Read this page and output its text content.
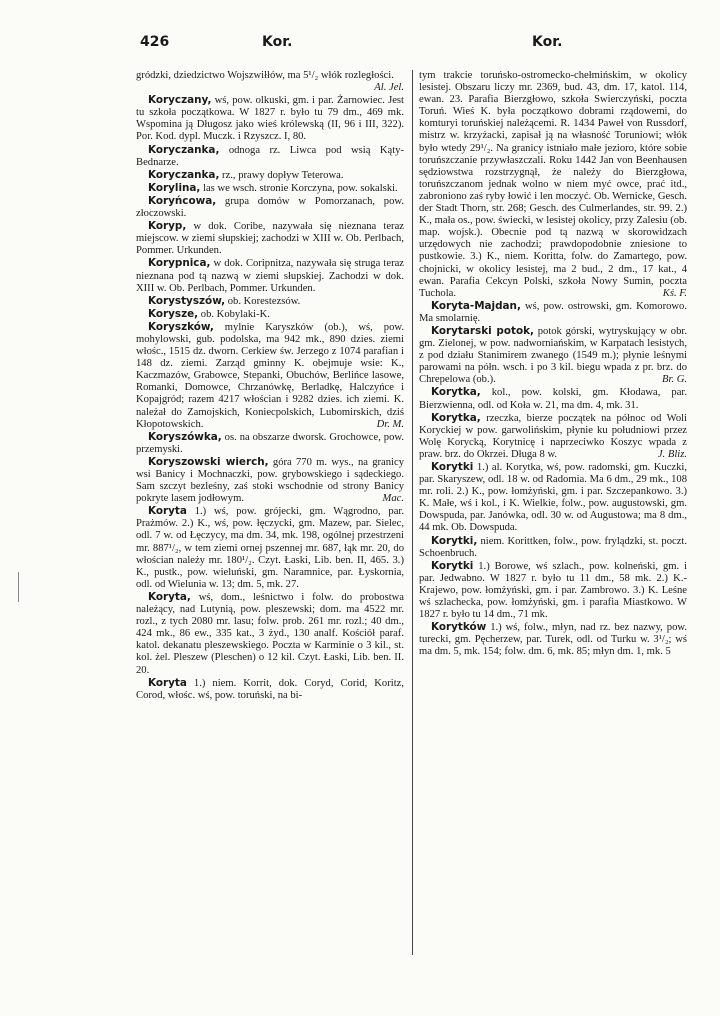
426	Kor.	Kor.

gródzki, dziedzictwo Wojszwiłłów, ma 5¹/₂ włók rozległości.
Al. Jel.

Koryczany, wś, pow. olkuski, gm. i par. Żarnowiec. Jest tu szkoła początkowa. W 1827 r. było tu 79 dm., 469 mk. Wspomina ją Długosz jako wieś królewską (II, 96 i III, 322). Por. Kod. dypl. Muczk. i Rzyszcz. I, 80.

Koryczanka, odnoga rz. Liwca pod wsią Kąty-Bednarze.

Koryczanka, rz., prawy dopływ Teterowa.

Korylina, las we wsch. stronie Korczyna, pow. sokalski.

Koryńcowa, grupa domów w Pomorzanach, pow. złoczowski.

Koryp, w dok. Coribe, nazywała się nieznana teraz miejscow. w ziemi słupskiej; zachodzi w XIII w. Ob. Perlbach, Pommer. Urkunden.

Korypnica, w dok. Coripnitza, nazywała się struga teraz nieznana pod tą nazwą w ziemi słupskiej. Zachodzi w dok. XIII w. Ob. Perlbach, Pommer. Urkunden.

Korystyszów, ob. Korestezsów.

Korysze, ob. Kobylaki-K.

Koryszków, mylnie Karyszków (ob.), wś, pow. mohylowski, gub. podolska, ma 942 mk., 890 dzies. ziemi włośc., 1515 dz. dworn. Cerkiew św. Jerzego z 1074 parafian i 148 dz. ziemi. Zarząd gminny K. obejmuje wsie: K., Kaczmazów, Grabowce, Stepanki, Obuchów, Berlińce lasowe, Romanki, Domowce, Chrzanówkę, Berladkę, Halczyńce i Kopajgród; razem 4217 włościan i 9282 dzies. ich ziemi. K. należał do Zamojskich, Koniecpolskich, Lubomirskich, dziś Kłopotowskich.	Dr. M.

Koryszówka, os. na obszarze dworsk. Grochowce, pow. przemyski.

Koryszowski wierch, góra 770 m. wys., na granicy wsi Banicy i Mochnaczki, pow. grybowskiego i sądeckiego. Sam szczyt bezleśny, zaś stoki wschodnie od strony Banicy pokryte lasem jodłowym.	Mac.

Koryta 1.) wś, pow. grójecki, gm. Wągrodno, par. Prażmów. 2.) K., wś, pow. łęczycki, gm. Mazew, par. Sielec, odl. 7 w. od Łęczycy, ma dm. 34, mk. 198, ogólnej przestrzeni mr. 887¹/₂, w tem ziemi ornej pszennej mr. 687, łąk mr. 20, do włościan należy mr. 180¹/₂. Czyt. Łaski, Lib. ben. II, 465. 3.) K., pustk., pow. wieluński, gm. Naramnice, par. Łyskornia, odl. od Wielunia w. 13; dm. 5, mk. 27.

Koryta, wś, dom., leśnictwo i folw. do probostwa należący, nad Lutynią, pow. pleszewski; dom. ma 4522 mr. rozl., z tych 2080 mr. lasu; folw. prob. 261 mr. rozl.; 40 dm., 424 mk., 86 ew., 335 kat., 3 żyd., 130 analf. Kościół paraf. katol. dekanatu pleszewskiego. Poczta w Karminie o 3 kil., st. kol. żel. Pleszew (Pleschen) o 12 kil. Czyt. Łaski, Lib. ben. II. 20.

Koryta 1.) niem. Korrit, dok. Coryd, Corid, Koritz, Corod, włośc. wś, pow. toruński, na bi-

tym trakcie toruńsko-ostromecko-chełmińskim, w okolicy lesistej. Obszaru liczy mr. 2369, bud. 43, dm. 17, katol. 114, ewan. 23. Parafia Bierzgłowo, szkoła Swierczyński, poczta Toruń. Wieś K. była początkowo dobrami rządowemi, do komturyi toruńskiej należącemi. R. 1434 Paweł von Russdorf, mistrz w. krzyżacki, zapisał ją na własność Toruniowi; włók było wtedy 29¹/₂. Na granicy istniało małe jeziorо, które sobie toruńszczanie przywłaszczali. Roku 1442 Jan von Beenhausen sędziowstwa rozstrzygnął, że należy do Bierzgłowa, toruńszczanom jednak wolno w niem myć owce, prać itd., zabroniono zaś ryby łowić i len moczyć. Ob. Wernicke, Gesch. der Stadt Thorn, str. 268; Gesch. des Culmerlandes, str. 99. 2.) K., mała os., pow. świecki, w lesistej okolicy, przy Zalesiu (ob. map. wojsk.). Obecnie pod tą nazwą w skorowidzach urzędowych nie zachodzi; prawdopodobnie zniesione to pustkowie. 3.) K., niem. Koritta, folw. do Zamartego, pow. chojnicki, w okolicy lesistej, ma 2 bud., 2 dm., 17 kat., 4 ewan. Parafia Cekcyn Polski, szkoła Nowy Sumin, poczta Tuchola.	Kś. F.

Koryta-Majdan, wś, pow. ostrowski, gm. Komorowo. Ma smolarnię.

Korytarski potok, potok górski, wytryskujący w obr. gm. Zielonej, w pow. nadworniańskim, w Karpatach lesistych, z pod działu Stanimirem zwanego (1549 m.); płynie leśnymi parowami na półn. wsch. i po 3 kil. biegu wpada z pr. brz. do Chrepelowa (ob.).	Br. G.

Korytka, kol., pow. kolski, gm. Kłodawa, par. Bierzwienna, odl. od Koła w. 21, ma dm. 4, mk. 31.

Korytka, rzeczka, bierze początek na północ od Woli Koryckiej w pow. garwolińskim, płynie ku południowi przez Wolę Korycką, Korytnicę i naprzeciwko Koszyc wpada z praw. brz. do Okrzei. Długa 8 w.	J. Bliz.

Korytki 1.) al. Korytka, wś, pow. radomski, gm. Kuczki, par. Skaryszew, odl. 18 w. od Radomia. Ma 6 dm., 29 mk., 108 mr. roli. 2.) K., pow. łomżyński, gm. i par. Szczepankowo. 3.) K. Małe, wś i kol., i K. Wielkie, folw., pow. augustowski, gm. Dowspuda, par. Janówka, odl. 30 w. od Augustowa; ma 8 dm., 44 mk. Ob. Dowspuda.

Korytki, niem. Korittken, folw., pow. frylądzki, st. poczt. Schoenbruch.

Korytki 1.) Borowe, wś szlach., pow. kolneński, gm. i par. Jedwabno. W 1827 r. było tu 11 dm., 58 mk. 2.) K.-Krajewo, pow. łomżyński, gm. i par. Zambrowo. 3.) K. Leśne wś szlachecka, pow. łomżyński, gm. i parafia Miastkowo. W 1827 r. było tu 14 dm., 71 mk.

Korytków 1.) wś, folw., młyn, nad rz. bez nazwy, pow. turecki, gm. Pęcherzew, par. Turek, odl. od Turku w. 3¹/₂; wś ma dm. 5, mk. 154; folw. dm. 6, mk. 85; młyn dm. 1, mk. 5
